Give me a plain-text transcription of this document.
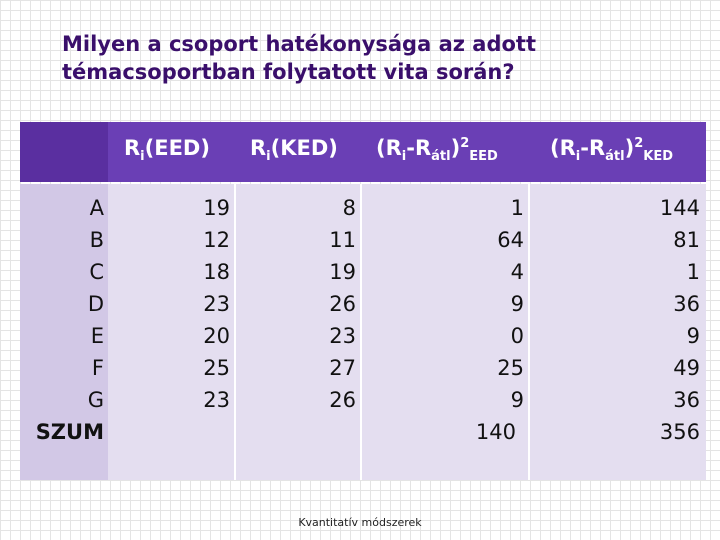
Milyen a csoport hatékonysága az adott
témacsoportban folytatott vita során?
$R_i(EED)$ $R_i(KED)$ $(R_i-R_{átl})^2_{EED}$ $(R_i-R_{átl})^2_{KED}$
A
B
C
D
E
F
G
SZUM
19
12
18
23
20
25
23
8
11
19
26
23
27
26
1
64
4
9
0
25
9
140
144
81
1
36
9
49
36
356
Kvantitatív módszerek
